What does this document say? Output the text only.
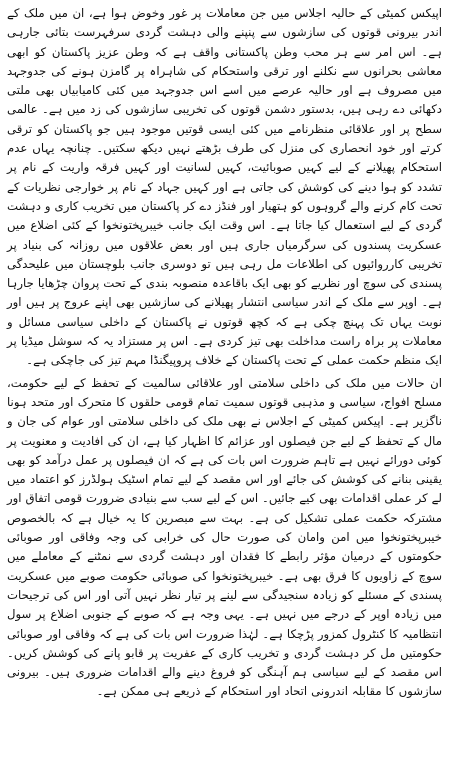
اپیکس کمیٹی کے حالیہ اجلاس میں جن معاملات پر غور وخوض ہوا ہے، ان میں ملک کے اندر بیرونی قوتوں کی سازشوں سے پنپنے والی دہشت گردی سرفہرست بتائی جارہی ہے۔ اس امر سے ہر محب وطن پاکستانی واقف ہے کہ وطن عزیز پاکستان کو ابھی معاشی بحرانوں سے نکلنے اور ترقی واستحکام کی شاہراہ پر گامزن ہونے کی جدوجہد میں مصروف ہے اور حالیہ عرصے میں اسے اس جدوجہد میں کئی کامیابیاں بھی ملتی دکھائی دے رہی ہیں، بدستور دشمن قوتوں کی تخریبی سازشوں کی زد میں ہے۔ عالمی سطح پر اور علاقائی منظرنامے میں کئی ایسی قوتیں موجود ہیں جو پاکستان کو ترقی کرتے اور خود انحصاری کی منزل کی طرف بڑھتے نہیں دیکھ سکتیں۔ چنانچہ یہاں عدم استحکام پھیلانے کے لیے کہیں صوبائیت، کہیں لسانیت اور کہیں فرقہ واریت کے نام پر تشدد کو ہوا دینے کی کوشش کی جاتی ہے اور کہیں جہاد کے نام پر خوارجی نظریات کے تحت کام کرنے والے گروہوں کو ہتھیار اور فنڈز دے کر پاکستان میں تخریب کاری و دہشت گردی کے لیے استعمال کیا جاتا ہے۔ اس وقت ایک جانب خیبرپختونخوا کے کئی اضلاع میں عسکریت پسندوں کی سرگرمیاں جاری ہیں اور بعض علاقوں میں روزانہ کی بنیاد پر تخریبی کارروائیوں کی اطلاعات مل رہی ہیں تو دوسری جانب بلوچستان میں علیحدگی پسندی کی سوچ اور نظریے کو بھی ایک باقاعدہ منصوبہ بندی کے تحت پروان چڑھایا جارہا ہے۔ اوپر سے ملک کے اندر سیاسی انتشار پھیلانے کی سازشیں بھی اپنے عروج پر ہیں اور نوبت یہاں تک پہنچ چکی ہے کہ کچھ قوتوں نے پاکستان کے داخلی سیاسی مسائل و معاملات پر براہ راست مداخلت بھی تیز کردی ہے۔ اس پر مستزاد یہ کہ سوشل میڈیا پر ایک منظم حکمت عملی کے تحت پاکستان کے خلاف پروپیگنڈا مہم تیز کی جاچکی ہے۔

ان حالات میں ملک کی داخلی سلامتی اور علاقائی سالمیت کے تحفظ کے لیے حکومت، مسلح افواج، سیاسی و مذہبی قوتوں سمیت تمام قومی حلقوں کا متحرک اور متحد ہونا ناگزیر ہے۔ اپیکس کمیٹی کے اجلاس نے بھی ملک کی داخلی سلامتی اور عوام کی جان و مال کے تحفظ کے لیے جن فیصلوں اور عزائم کا اظہار کیا ہے، ان کی افادیت و معنویت پر کوئی دورائے نہیں ہے تاہم ضرورت اس بات کی ہے کہ ان فیصلوں پر عمل درآمد کو بھی یقینی بنانے کی کوشش کی جائے اور اس مقصد کے لیے تمام اسٹیک ہولڈرز کو اعتماد میں لے کر عملی اقدامات بھی کیے جائیں۔ اس کے لیے سب سے بنیادی ضرورت قومی اتفاق اور مشترکہ حکمت عملی تشکیل کی ہے۔ بہت سے مبصرین کا یہ خیال ہے کہ بالخصوص خیبرپختونخوا میں امن وامان کی صورت حال کی خرابی کی وجہ وفاقی اور صوبائی حکومتوں کے درمیان مؤثر رابطے کا فقدان اور دہشت گردی سے نمٹنے کے معاملے میں سوچ کے زاویوں کا فرق بھی ہے۔ خیبرپختونخوا کی صوبائی حکومت صوبے میں عسکریت پسندی کے مسئلے کو زیادہ سنجیدگی سے لینے پر تیار نظر نہیں آتی اور اس کی ترجیحات میں زیادہ اوپر کے درجے میں نہیں ہے۔ یہی وجہ ہے کہ صوبے کے جنوبی اضلاع پر سول انتظامیہ کا کنٹرول کمزور پڑچکا ہے۔ لہٰذا ضرورت اس بات کی ہے کہ وفاقی اور صوبائی حکومتیں مل کر دہشت گردی و تخریب کاری کے عفریت پر قابو پانے کی کوشش کریں۔ اس مقصد کے لیے سیاسی ہم آہنگی کو فروغ دینے والے اقدامات ضروری ہیں۔ بیرونی سازشوں کا مقابلہ اندرونی اتحاد اور استحکام کے ذریعے ہی ممکن ہے۔
